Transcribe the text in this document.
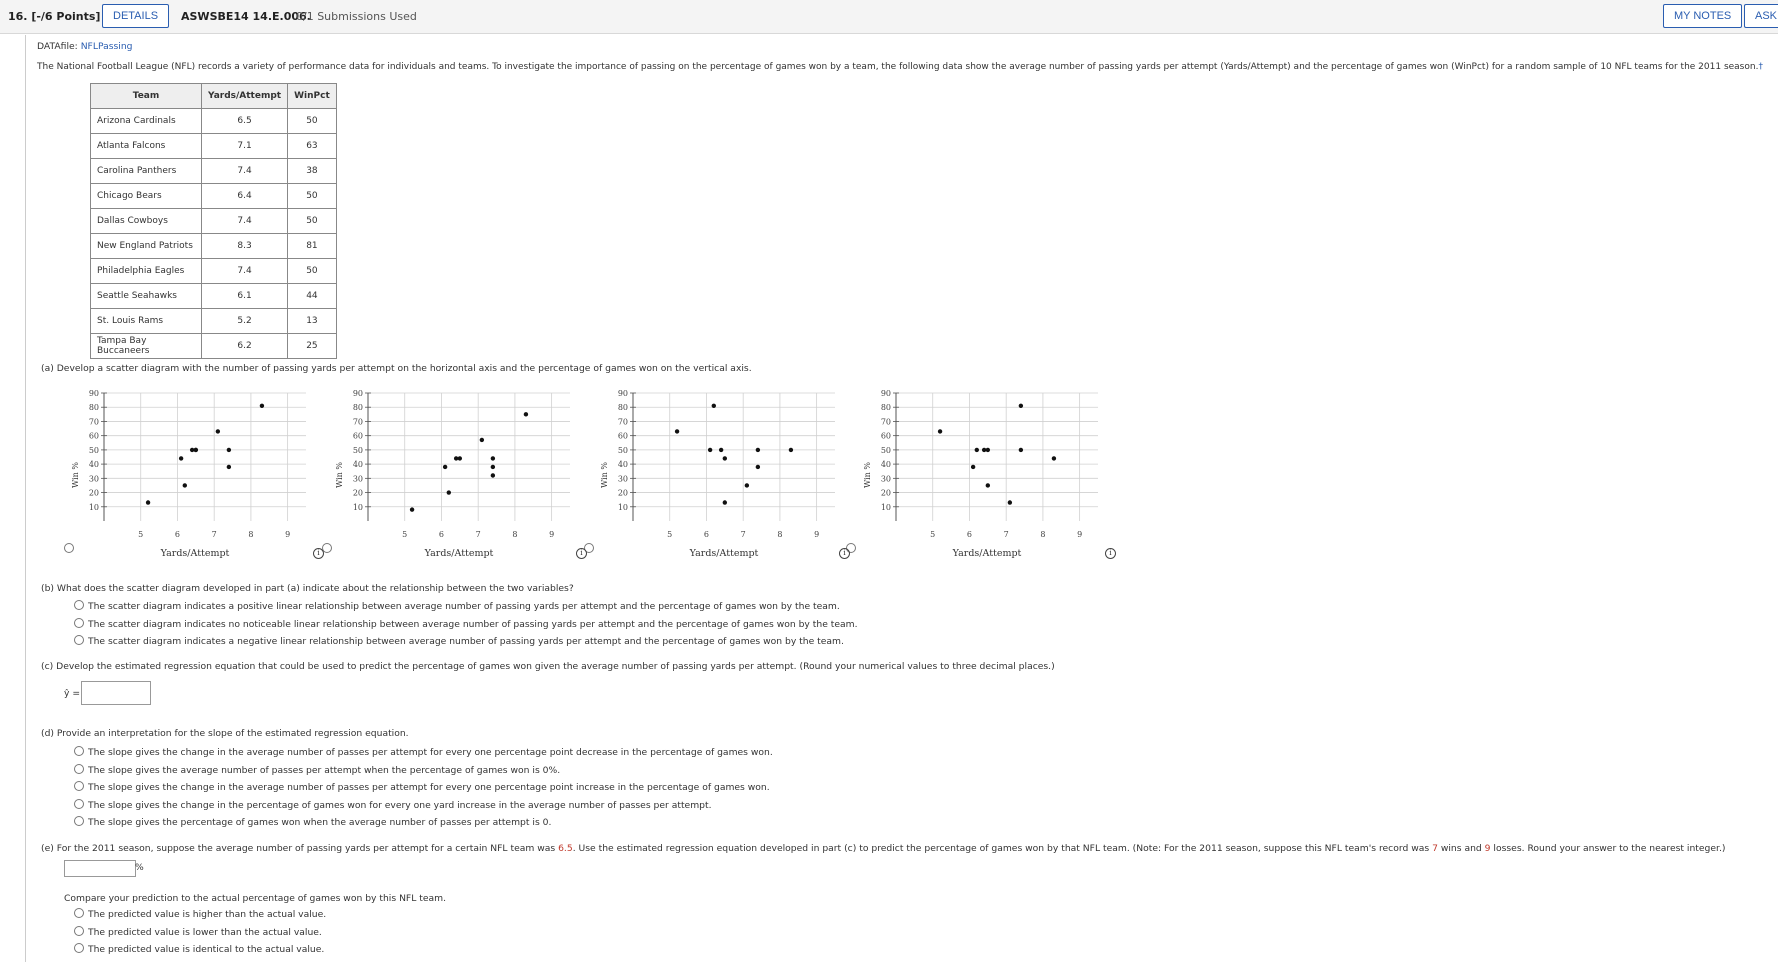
16. [-/6 Points]	DETAILS	ASWSBE14 14.E.006.
0/1 Submissions Used	MY NOTES	ASK
DATAfile: NFLPassing
The National Football League (NFL) records a variety of performance data for individuals and teams. To investigate the importance of passing on the percentage of games won by a team, the following data show the average number of passing yards per attempt (Yards/Attempt) and the percentage of games won (WinPct) for a random sample of 10 NFL teams for the 2011 season.†
Team	Yards/Attempt	WinPct
Arizona Cardinals	6.5	50
Atlanta Falcons	7.1	63
Carolina Panthers	7.4	38
Chicago Bears	6.4	50
Dallas Cowboys	7.4	50
New England Patriots	8.3	81
Philadelphia Eagles	7.4	50
Seattle Seahawks	6.1	44
St. Louis Rams	5.2	13
Tampa Bay Buccaneers	6.2	25
(a) Develop a scatter diagram with the number of passing yards per attempt on the horizontal axis and the percentage of games won on the vertical axis.
90
80
70
60
50
40
30
20
10
5	6	7	8	9
Yards/Attempt
Win %
90
80
70
60
50
40
30
20
10
5	6	7	8	9
Yards/Attempt
Win %
90
80
70
60
50
40
30
20
10
5	6	7	8	9
Yards/Attempt
Win %
90
80
70
60
50
40
30
20
10
5	6	7	8	9
Yards/Attempt
Win %
i	i	i	i
(b) What does the scatter diagram developed in part (a) indicate about the relationship between the two variables?
The scatter diagram indicates a positive linear relationship between average number of passing yards per attempt and the percentage of games won by the team.
The scatter diagram indicates no noticeable linear relationship between average number of passing yards per attempt and the percentage of games won by the team.
The scatter diagram indicates a negative linear relationship between average number of passing yards per attempt and the percentage of games won by the team.
(c) Develop the estimated regression equation that could be used to predict the percentage of games won given the average number of passing yards per attempt. (Round your numerical values to three decimal places.)
ŷ =
(d) Provide an interpretation for the slope of the estimated regression equation.
The slope gives the change in the average number of passes per attempt for every one percentage point decrease in the percentage of games won.
The slope gives the average number of passes per attempt when the percentage of games won is 0%.
The slope gives the change in the average number of passes per attempt for every one percentage point increase in the percentage of games won.
The slope gives the change in the percentage of games won for every one yard increase in the average number of passes per attempt.
The slope gives the percentage of games won when the average number of passes per attempt is 0.
(e) For the 2011 season, suppose the average number of passing yards per attempt for a certain NFL team was 6.5. Use the estimated regression equation developed in part (c) to predict the percentage of games won by that NFL team. (Note: For the 2011 season, suppose this NFL team's record was 7 wins and 9 losses. Round your answer to the nearest integer.)
%
Compare your prediction to the actual percentage of games won by this NFL team.
The predicted value is higher than the actual value.
The predicted value is lower than the actual value.
The predicted value is identical to the actual value.
